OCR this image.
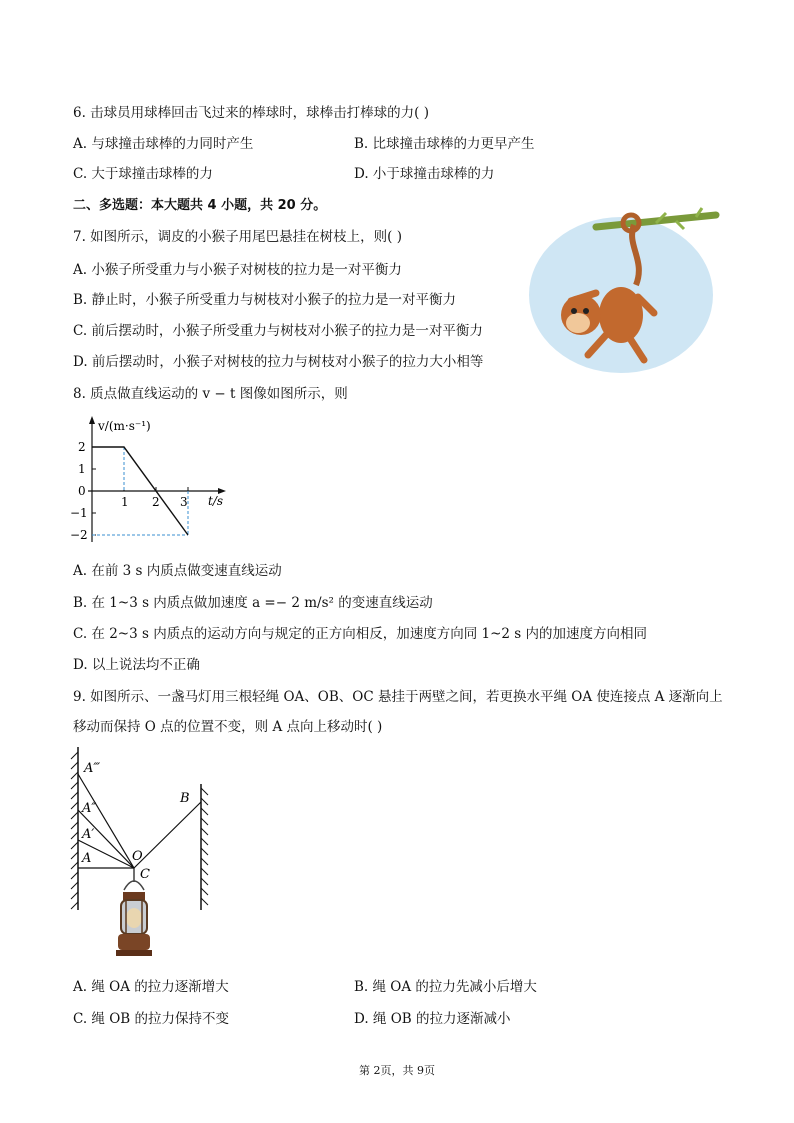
6. 击球员用球棒回击飞过来的棒球时，球棒击打棒球的力( )
A. 与球撞击球棒的力同时产生	B. 比球撞击球棒的力更早产生
C. 大于球撞击球棒的力	D. 小于球撞击球棒的力
二、多选题：本大题共 4 小题，共 20 分。
7. 如图所示，调皮的小猴子用尾巴悬挂在树枝上，则( )
A. 小猴子所受重力与小猴子对树枝的拉力是一对平衡力
B. 静止时，小猴子所受重力与树枝对小猴子的拉力是一对平衡力
C. 前后摆动时，小猴子所受重力与树枝对小猴子的拉力是一对平衡力
D. 前后摆动时，小猴子对树枝的拉力与树枝对小猴子的拉力大小相等
8. 质点做直线运动的 v − t 图像如图所示，则
v/(m·s⁻¹)
t/s
2
1
0
−1
−2
1 2 3
A. 在前 3 s 内质点做变速直线运动
B. 在 1~3 s 内质点做加速度 a =− 2 m/s² 的变速直线运动
C. 在 2~3 s 内质点的运动方向与规定的正方向相反，加速度方向同 1~2 s 内的加速度方向相同
D. 以上说法均不正确
9. 如图所示、一盏马灯用三根轻绳 OA、OB、OC 悬挂于两壁之间，若更换水平绳 OA 使连接点 A 逐渐向上
移动而保持 O 点的位置不变，则 A 点向上移动时( )
A‴
A″
A′
A
B
O
C
A. 绳 OA 的拉力逐渐增大	B. 绳 OA 的拉力先减小后增大
C. 绳 OB 的拉力保持不变	D. 绳 OB 的拉力逐渐减小
第 2页，共 9页
